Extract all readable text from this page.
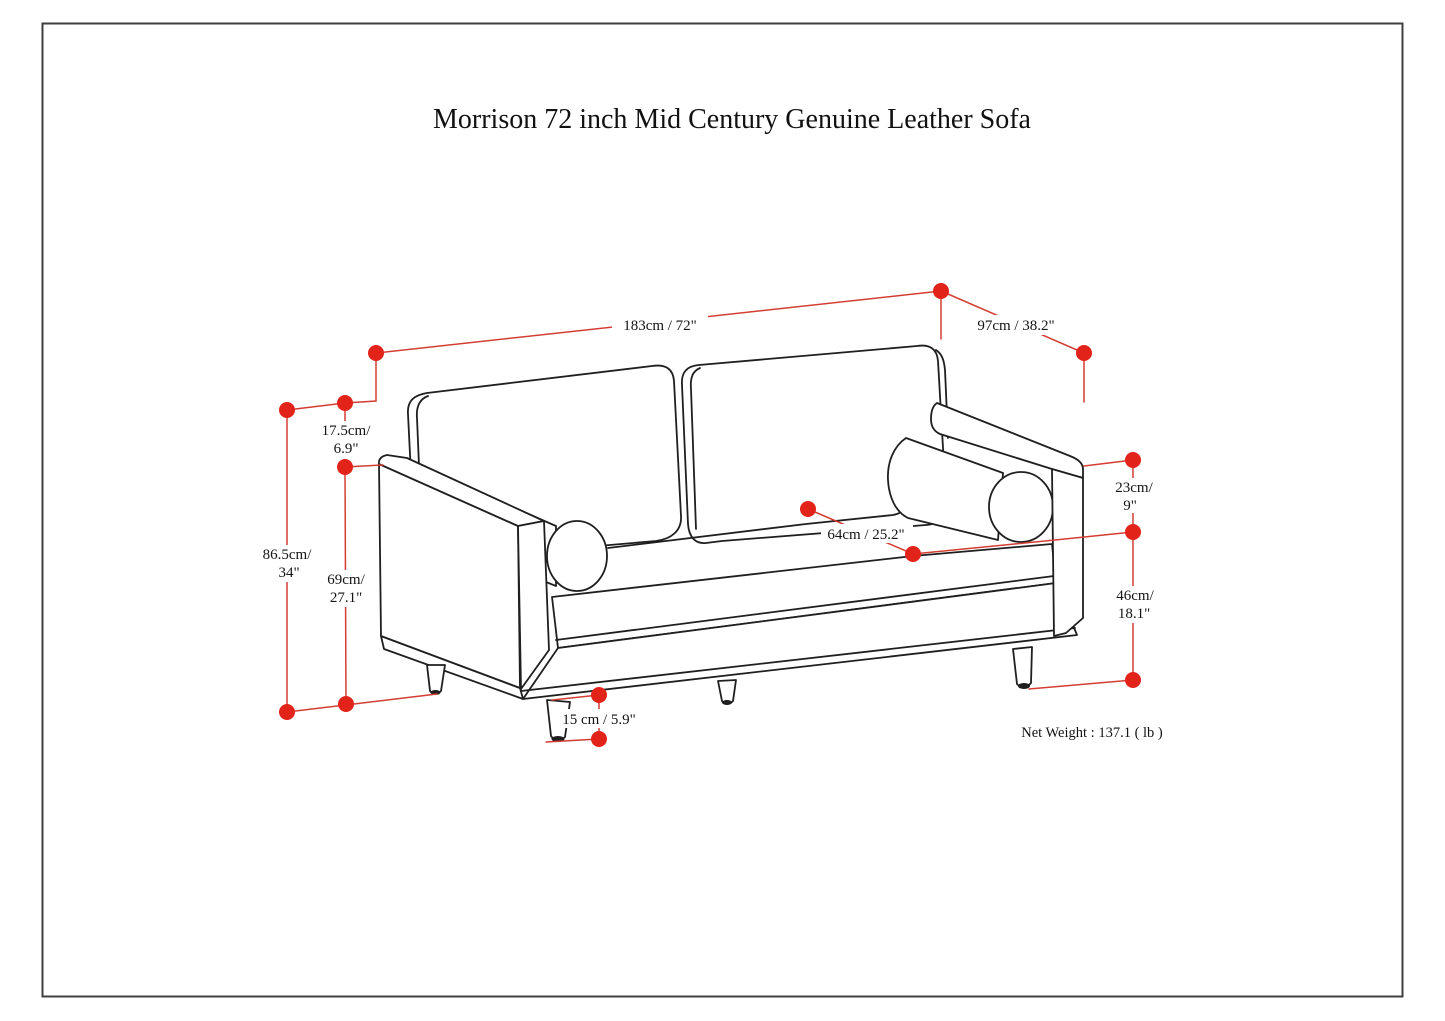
Morrison 72 inch Mid Century Genuine Leather Sofa
183cm / 72"	97cm / 38.2"
17.5cm/
6.9"
86.5cm/
34" 69cm/
27.1"
64cm / 25.2"
23cm/
9"
46cm/
18.1"
15 cm / 5.9"
Net Weight : 137.1 ( lb )
